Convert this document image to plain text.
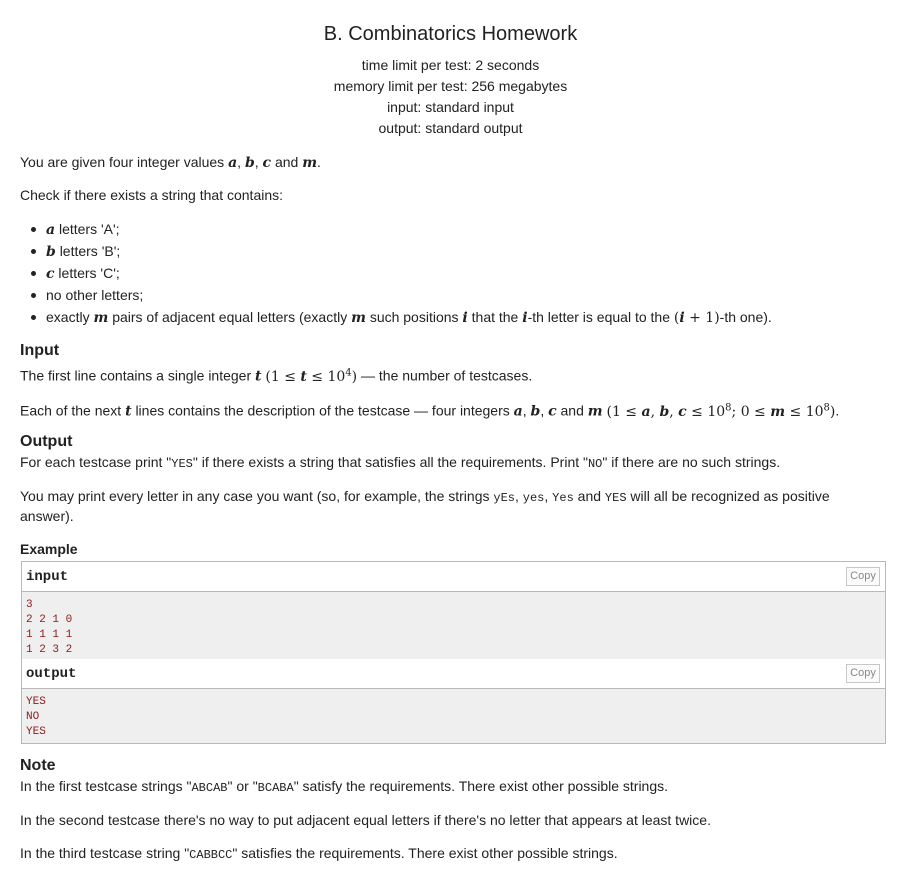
B. Combinatorics Homework
time limit per test: 2 seconds
memory limit per test: 256 megabytes
input: standard input
output: standard output
You are given four integer values a, b, c and m.
Check if there exists a string that contains:
a letters 'A';
b letters 'B';
c letters 'C';
no other letters;
exactly m pairs of adjacent equal letters (exactly m such positions i that the i-th letter is equal to the (i + 1)-th one).
Input
The first line contains a single integer t $(1 \le t \le 10^4)$ — the number of testcases.
Each of the next t lines contains the description of the testcase — four integers a, b, c and m (1 ≤ a, b, $c \le 10^8$; $0 \le m \le 10^8$).
Output
For each testcase print "YES" if there exists a string that satisfies all the requirements. Print "NO" if there are no such strings.
You may print every letter in any case you want (so, for example, the strings yEs, yes, Yes and YES will all be recognized as positive
answer).
Example
input	Copy
3
2 2 1 0
1 1 1 1
1 2 3 2
output	Copy
YES
NO
YES
Note
In the first testcase strings "ABCAB" or "BCABA" satisfy the requirements. There exist other possible strings.
In the second testcase there's no way to put adjacent equal letters if there's no letter that appears at least twice.
In the third testcase string "CABBCC" satisfies the requirements. There exist other possible strings.
